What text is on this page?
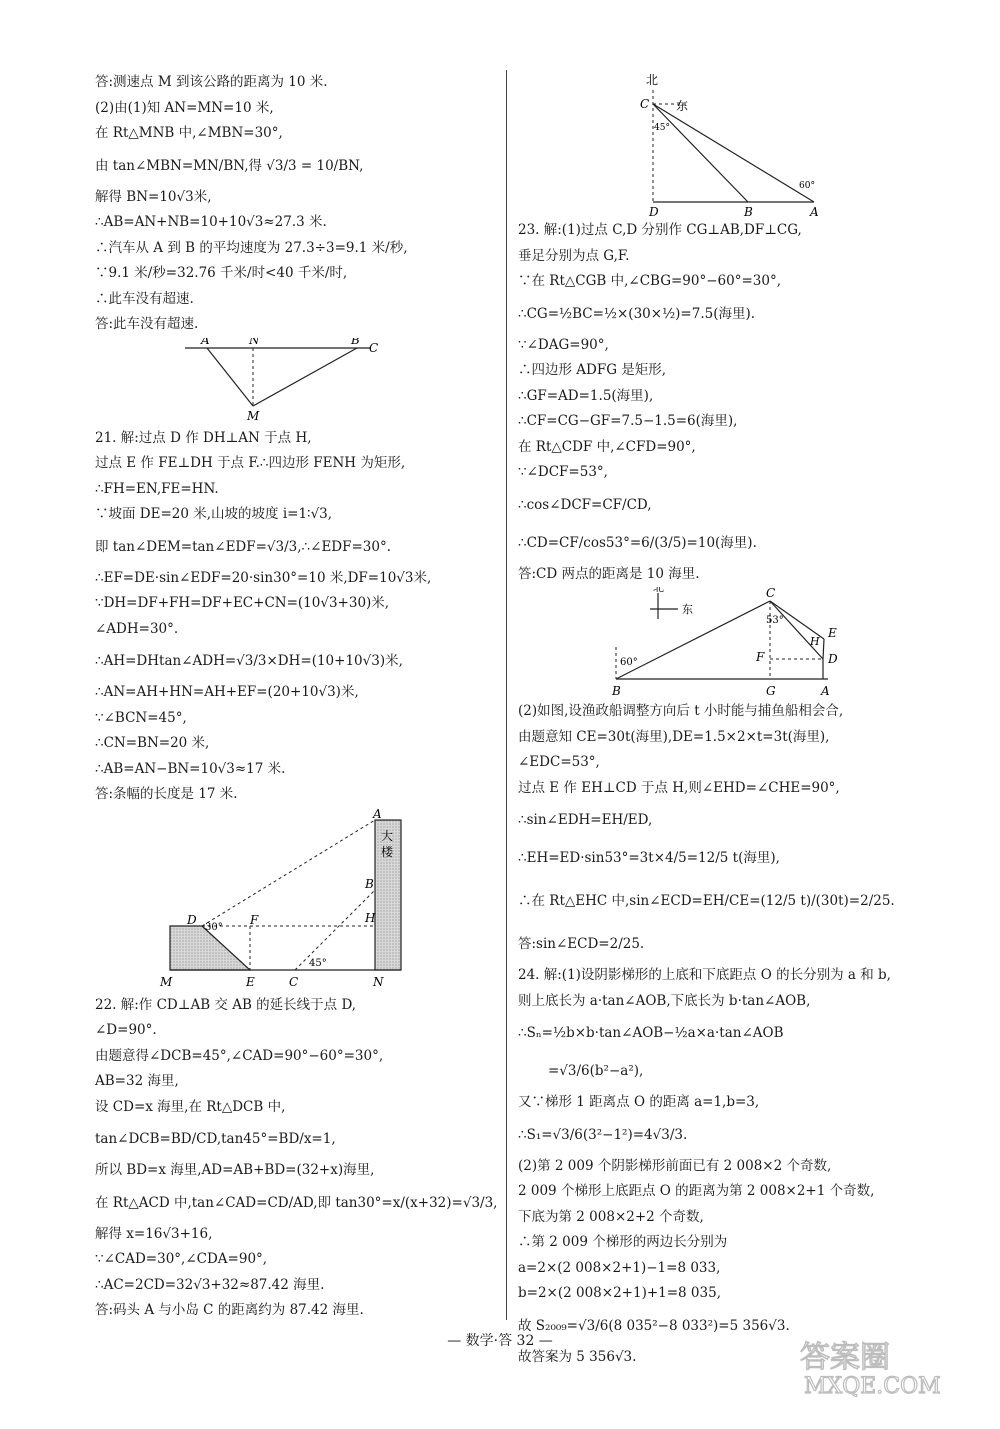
答:测速点 M 到该公路的距离为 10 米.
(2)由(1)知 AN=MN=10 米,
在 Rt△MNB 中,∠MBN=30°,
由 tan∠MBN=MN/BN,得 √3/3 = 10/BN,
解得 BN=10√3米,
∴AB=AN+NB=10+10√3≈27.3 米.
∴汽车从 A 到 B 的平均速度为 27.3÷3=9.1 米/秒,
∵9.1 米/秒=32.76 千米/时<40 千米/时,
∴此车没有超速.
答:此车没有超速.
A	N	B
C
M
21. 解:过点 D 作 DH⊥AN 于点 H,
过点 E 作 FE⊥DH 于点 F.∴四边形 FENH 为矩形,
∴FH=EN,FE=HN.
∵坡面 DE=20 米,山坡的坡度 i=1∶√3,
即 tan∠DEM=tan∠EDF=√3/3,∴∠EDF=30°.
∴EF=DE·sin∠EDF=20·sin30°=10 米,DF=10√3米,
∵DH=DF+FH=DF+EC+CN=(10√3+30)米,
∠ADH=30°.
∴AH=DHtan∠ADH=√3/3×DH=(10+10√3)米,
∴AN=AH+HN=AH+EF=(20+10√3)米,
∵∠BCN=45°,
∴CN=BN=20 米,
∴AB=AN−BN=10√3≈17 米.
答:条幅的长度是 17 米.
A
大
楼
B
H
D
30°
F
45°
M	E	C	N
22. 解:作 CD⊥AB 交 AB 的延长线于点 D,
∠D=90°.
由题意得∠DCB=45°,∠CAD=90°−60°=30°,
AB=32 海里,
设 CD=x 海里,在 Rt△DCB 中,
tan∠DCB=BD/CD,tan45°=BD/x=1,
所以 BD=x 海里,AD=AB+BD=(32+x)海里,
在 Rt△ACD 中,tan∠CAD=CD/AD,即 tan30°=x/(x+32)=√3/3,
解得 x=16√3+16,
∵∠CAD=30°,∠CDA=90°,
∴AC=2CD=32√3+32≈87.42 海里.
答:码头 A 与小岛 C 的距离约为 87.42 海里.
北
C 东
45°
60°
D	B	A
23. 解:(1)过点 C,D 分别作 CG⊥AB,DF⊥CG,
垂足分别为点 G,F.
∵在 Rt△CGB 中,∠CBG=90°−60°=30°,
∴CG=½BC=½×(30×½)=7.5(海里).
∵∠DAG=90°,
∴四边形 ADFG 是矩形,
∴GF=AD=1.5(海里),
∴CF=CG−GF=7.5−1.5=6(海里),
在 Rt△CDF 中,∠CFD=90°,
∵∠DCF=53°,
∴cos∠DCF=CF/CD,
∴CD=CF/cos53°=6/(3/5)=10(海里).
答:CD 两点的距离是 10 海里.
北
东
C
E
53°
H
60°	F	D
B	G	A
(2)如图,设渔政船调整方向后 t 小时能与捕鱼船相会合,
由题意知 CE=30t(海里),DE=1.5×2×t=3t(海里),
∠EDC=53°,
过点 E 作 EH⊥CD 于点 H,则∠EHD=∠CHE=90°,
∴sin∠EDH=EH/ED,
∴EH=ED·sin53°=3t×4/5=12/5 t(海里),
∴在 Rt△EHC 中,sin∠ECD=EH/CE=(12/5 t)/(30t)=2/25.
答:sin∠ECD=2/25.
24. 解:(1)设阴影梯形的上底和下底距点 O 的长分别为 a 和 b,
则上底长为 a·tan∠AOB,下底长为 b·tan∠AOB,
∴Sₙ=½b×b·tan∠AOB−½a×a·tan∠AOB
=√3/6(b²−a²),
又∵梯形 1 距离点 O 的距离 a=1,b=3,
∴S₁=√3/6(3²−1²)=4√3/3.
(2)第 2 009 个阴影梯形前面已有 2 008×2 个奇数,
2 009 个梯形上底距点 O 的距离为第 2 008×2+1 个奇数,
下底为第 2 008×2+2 个奇数,
∴第 2 009 个梯形的两边长分别为
a=2×(2 008×2+1)−1=8 033,
b=2×(2 008×2+1)+1=8 035,
故 S₂₀₀₉=√3/6(8 035²−8 033²)=5 356√3.
故答案为 5 356√3.
— 数学·答 32 —	答案圈
MXQE.COM
